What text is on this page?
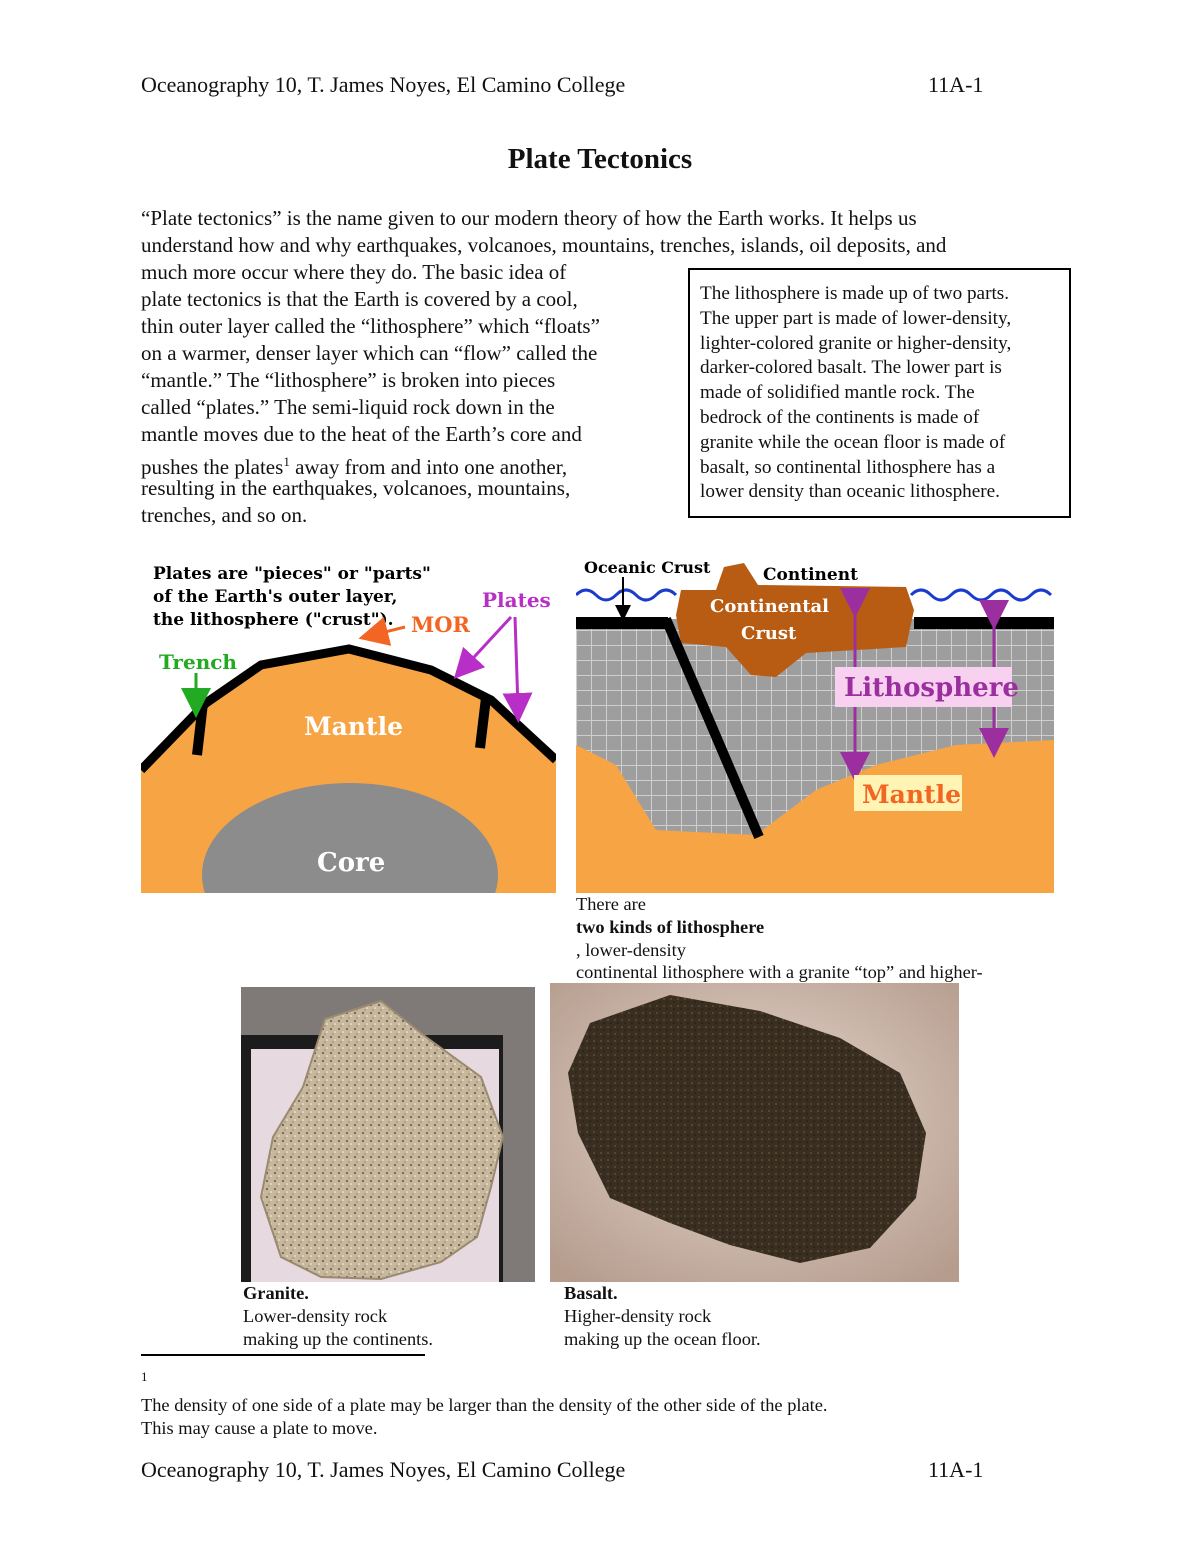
Oceanography 10, T. James Noyes, El Camino College	11A-1
Plate Tectonics
“Plate tectonics” is the name given to our modern theory of how the Earth works. It helps us
understand how and why earthquakes, volcanoes, mountains, trenches, islands, oil deposits, and
much more occur where they do. The basic idea of
plate tectonics is that the Earth is covered by a cool,
thin outer layer called the “lithosphere” which “floats”
on a warmer, denser layer which can “flow” called the
“mantle.” The “lithosphere” is broken into pieces
called “plates.” The semi-liquid rock down in the
mantle moves due to the heat of the Earth’s core and
pushes the plates$^1$ away from and into one another,
resulting in the earthquakes, volcanoes, mountains,
trenches, and so on.
The lithosphere is made up of two parts.
The upper part is made of lower-density,
lighter-colored granite or higher-density,
darker-colored basalt. The lower part is
made of solidified mantle rock. The
bedrock of the continents is made of
granite while the ocean floor is made of
basalt, so continental lithosphere has a
lower density than oceanic lithosphere.
Plates are "pieces" or "parts"
of the Earth's outer layer,
the lithosphere ("crust"). MOR
Plates
Trench
Mantle
Core
Oceanic Crust	Continent
Continental
Crust
Lithosphere
Mantle
There are
two kinds of lithosphere
, lower-density
continental lithosphere with a granite “top” and higher-
Granite.
Lower-density rock
making up the continents.
Basalt.
Higher-density rock
making up the ocean floor.
$^1$
The density of one side of a plate may be larger than the density of the other side of the plate.
This may cause a plate to move.
Oceanography 10, T. James Noyes, El Camino College	11A-1
